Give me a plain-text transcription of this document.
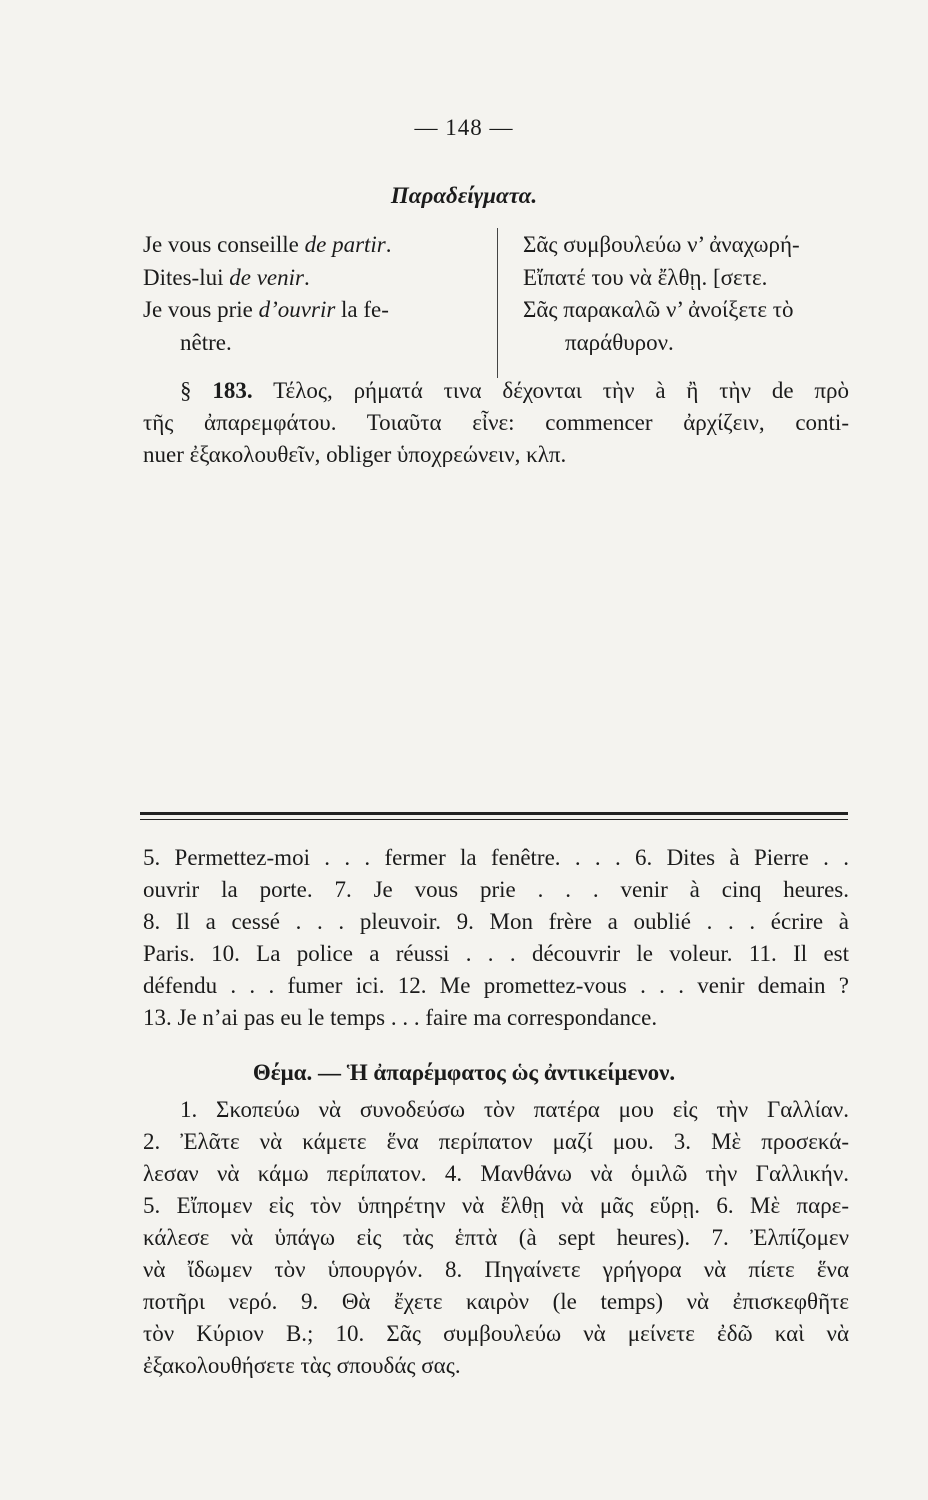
— 148 —
Παραδείγματα.
Je vous conseille de partir.
Dites-lui de venir.
Je vous prie d’ouvrir la fe-
nêtre.
Σᾶς συμβουλεύω ν’ ἀναχωρή-
Εἴπατέ του νὰ ἔλθῃ. [σετε.
Σᾶς παρακαλῶ ν’ ἀνοίξετε τὸ
παράθυρον.
§ 183. Τέλος, ρήματά τινα δέχονται τὴν à ἢ τὴν de πρὸ
τῆς ἀπαρεμφάτου. Τοιαῦτα εἶνε: commencer ἀρχίζειν, conti-
nuer ἐξακολουθεῖν, obliger ὑποχρεώνειν, κλπ.
5. Permettez-moi . . . fermer la fenêtre. . . . 6. Dites à Pierre . .
ouvrir la porte. 7. Je vous prie . . . venir à cinq heures.
8. Il a cessé . . . pleuvoir. 9. Mon frère a oublié . . . écrire à
Paris. 10. La police a réussi . . . découvrir le voleur. 11. Il est
défendu . . . fumer ici. 12. Me promettez-vous . . . venir demain ?
13. Je n’ai pas eu le temps . . . faire ma correspondance.
Θέμα. — Ἡ ἀπαρέμφατος ὡς ἀντικείμενον.
1. Σκοπεύω νὰ συνοδεύσω τὸν πατέρα μου εἰς τὴν Γαλλίαν.
2. Ἐλᾶτε νὰ κάμετε ἕνα περίπατον μαζί μου. 3. Μὲ προσεκά-
λεσαν νὰ κάμω περίπατον. 4. Μανθάνω νὰ ὁμιλῶ τὴν Γαλλικήν.
5. Εἴπομεν εἰς τὸν ὑπηρέτην νὰ ἔλθῃ νὰ μᾶς εὕρῃ. 6. Μὲ παρε-
κάλεσε νὰ ὑπάγω εἰς τὰς ἑπτὰ (à sept heures). 7. Ἐλπίζομεν
νὰ ἴδωμεν τὸν ὑπουργόν. 8. Πηγαίνετε γρήγορα νὰ πίετε ἕνα
ποτῆρι νερό. 9. Θὰ ἔχετε καιρὸν (le temps) νὰ ἐπισκεφθῆτε
τὸν Κύριον Β.; 10. Σᾶς συμβουλεύω νὰ μείνετε ἐδῶ καὶ νὰ
ἐξακολουθήσετε τὰς σπουδάς σας.
